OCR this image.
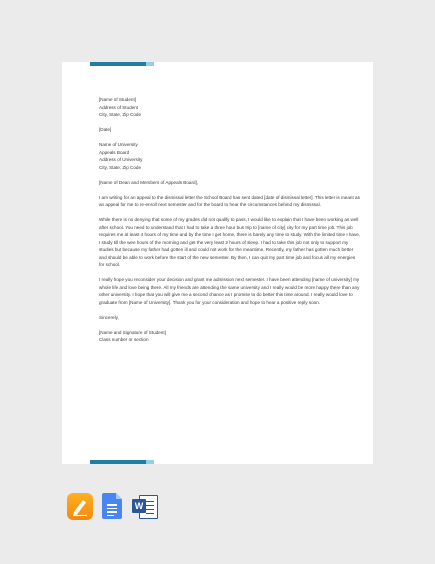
[Name of Student]

Address of Student

City, State, Zip Code

[Date]

Name of University

Appeals Board

Address of University

City, State, Zip Code

[Name of Dean and Members of Appeals Board],

I am writing for an appeal to the dismissal letter the School Board has sent dated [date of dismissal letter]. This letter is meant as an appeal for me to re-enroll next semester and for the board to hear the circumstances behind my dismissal.

While there is no denying that some of my grades did not qualify to pass, I would like to explain that I have been working as well after school. You need to understand that I had to take a three hour bus trip to [name of city] city for my part time job. This job requires me at least 4 hours of my time and by the time I get home, there is barely any time to study. With the limited time I have, I study till the wee hours of the morning and get the very least 2 hours of sleep. I had to take this job not only to support my studies but because my father had gotten ill and could not work for the meantime. Recently, my father has gotten much better and should be able to work before the start of the new semester. By then, I can quit my part time job and focus all my energies for school.

I really hope you reconsider your decision and grant me admission next semester. I have been attending [name of university] my whole life and love being there. All my friends are attending the same university and I really would be more happy there than any other university. I hope that you will give me a second chance as I promise to do better this time around. I really would love to graduate from [Name of University]. Thank you for your consideration and hope to hear a positive reply soon.

Sincerely,

[Name and Signature of Student]

Class number or section

W
